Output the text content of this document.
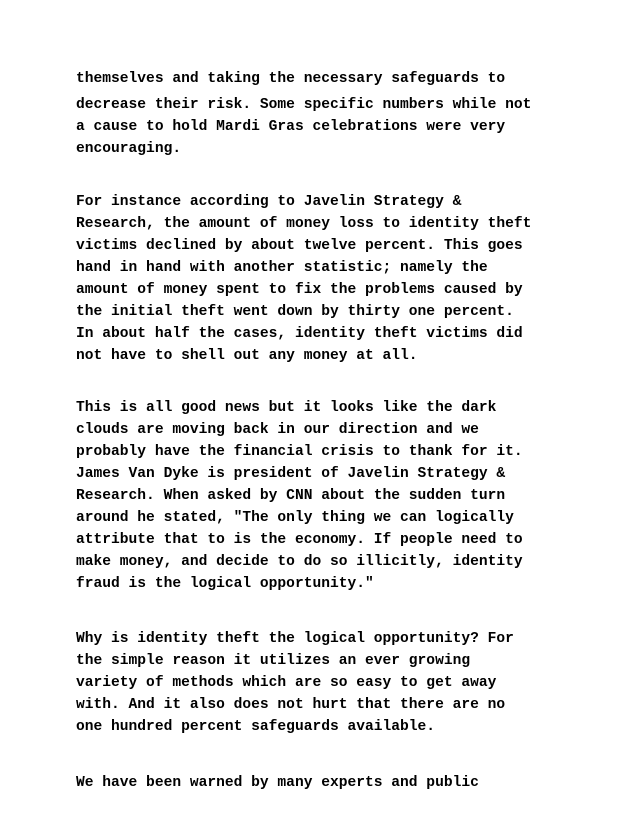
themselves and taking the necessary safeguards to
decrease their risk. Some specific numbers while not
a cause to hold Mardi Gras celebrations were very
encouraging.
For instance according to Javelin Strategy &
Research, the amount of money loss to identity theft
victims declined by about twelve percent. This goes
hand in hand with another statistic; namely the
amount of money spent to fix the problems caused by
the initial theft went down by thirty one percent.
In about half the cases, identity theft victims did
not have to shell out any money at all.
This is all good news but it looks like the dark
clouds are moving back in our direction and we
probably have the financial crisis to thank for it.
James Van Dyke is president of Javelin Strategy &
Research. When asked by CNN about the sudden turn
around he stated, "The only thing we can logically
attribute that to is the economy. If people need to
make money, and decide to do so illicitly, identity
fraud is the logical opportunity."
Why is identity theft the logical opportunity? For
the simple reason it utilizes an ever growing
variety of methods which are so easy to get away
with. And it also does not hurt that there are no
one hundred percent safeguards available.
We have been warned by many experts and public
